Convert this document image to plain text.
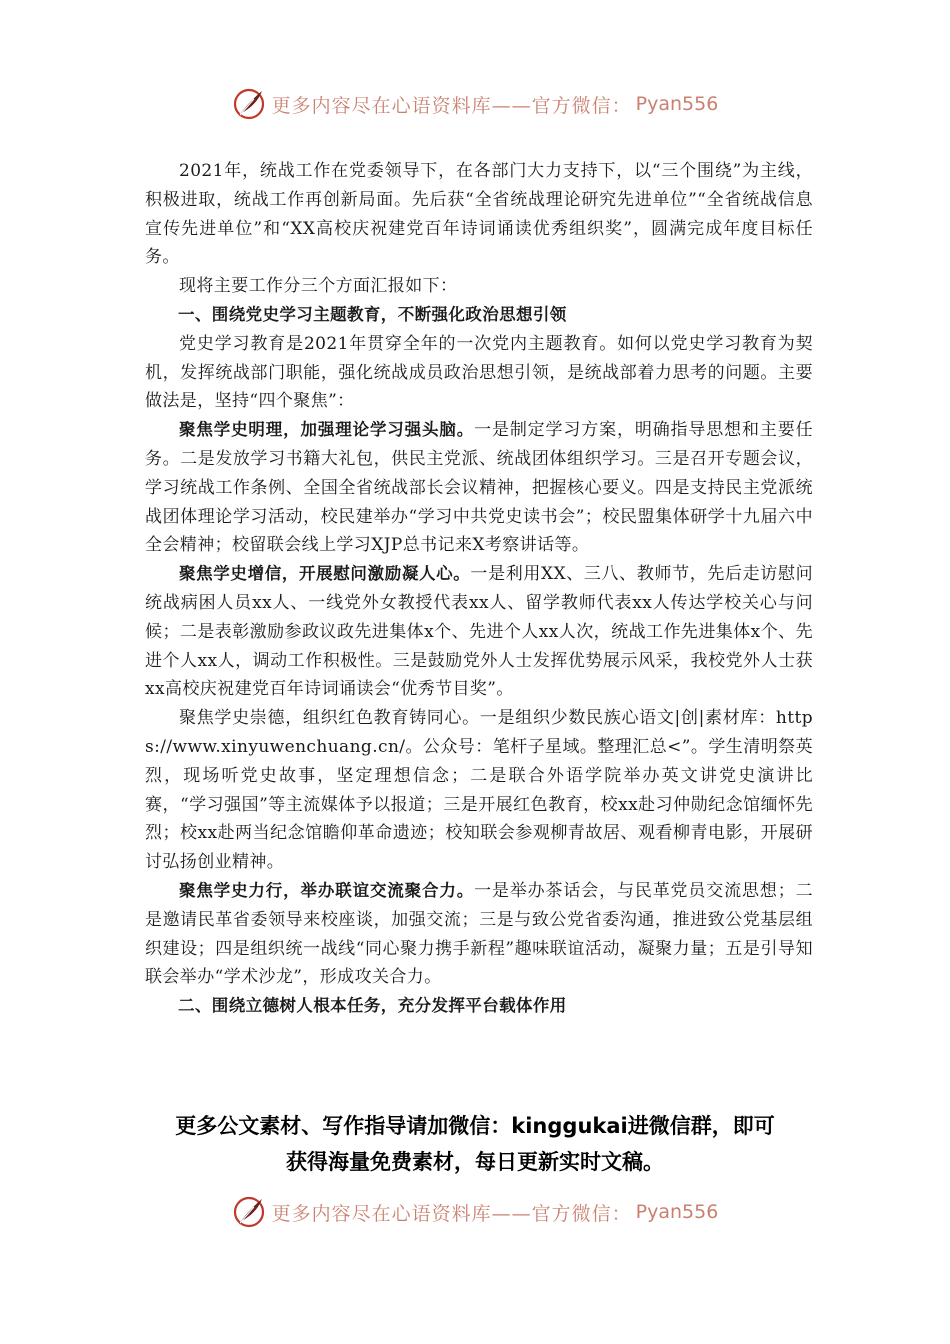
更多内容尽在心语资料库——官方微信： Pyan556

2021年，统战工作在党委领导下，在各部门大力支持下，以“三个围绕”为主线，积极进取，统战工作再创新局面。先后获“全省统战理论研究先进单位”“全省统战信息宣传先进单位”和“XX高校庆祝建党百年诗词诵读优秀组织奖”，圆满完成年度目标任务。

现将主要工作分三个方面汇报如下：

一、围绕党史学习主题教育，不断强化政治思想引领

党史学习教育是2021年贯穿全年的一次党内主题教育。如何以党史学习教育为契机，发挥统战部门职能，强化统战成员政治思想引领，是统战部着力思考的问题。主要做法是，坚持“四个聚焦”：

聚焦学史明理，加强理论学习强头脑。一是制定学习方案，明确指导思想和主要任务。二是发放学习书籍大礼包，供民主党派、统战团体组织学习。三是召开专题会议，学习统战工作条例、全国全省统战部长会议精神，把握核心要义。四是支持民主党派统战团体理论学习活动，校民建举办“学习中共党史读书会”；校民盟集体研学十九届六中全会精神；校留联会线上学习XJP总书记来X考察讲话等。

聚焦学史增信，开展慰问激励凝人心。一是利用XX、三八、教师节，先后走访慰问统战病困人员xx人、一线党外女教授代表xx人、留学教师代表xx人传达学校关心与问候；二是表彰激励参政议政先进集体x个、先进个人xx人次，统战工作先进集体x个、先进个人xx人，调动工作积极性。三是鼓励党外人士发挥优势展示风采，我校党外人士获xx高校庆祝建党百年诗词诵读会“优秀节目奖”。

聚焦学史崇德，组织红色教育铸同心。一是组织少数民族心语文|创|素材库：https://www.xinyuwenchuang.cn/。公众号：笔杆子星域。整理汇总<”。学生清明祭英烈，现场听党史故事，坚定理想信念；二是联合外语学院举办英文讲党史演讲比赛，“学习强国”等主流媒体予以报道；三是开展红色教育，校xx赴习仲勋纪念馆缅怀先烈；校xx赴两当纪念馆瞻仰革命遗迹；校知联会参观柳青故居、观看柳青电影，开展研讨弘扬创业精神。

聚焦学史力行，举办联谊交流聚合力。一是举办茶话会，与民革党员交流思想；二是邀请民革省委领导来校座谈，加强交流；三是与致公党省委沟通，推进致公党基层组织建设；四是组织统一战线“同心聚力携手新程”趣味联谊活动，凝聚力量；五是引导知联会举办“学术沙龙”，形成攻关合力。

二、围绕立德树人根本任务，充分发挥平台载体作用

更多公文素材、写作指导请加微信：kinggukai进微信群，即可
获得海量免费素材，每日更新实时文稿。
更多内容尽在心语资料库——官方微信： Pyan556
